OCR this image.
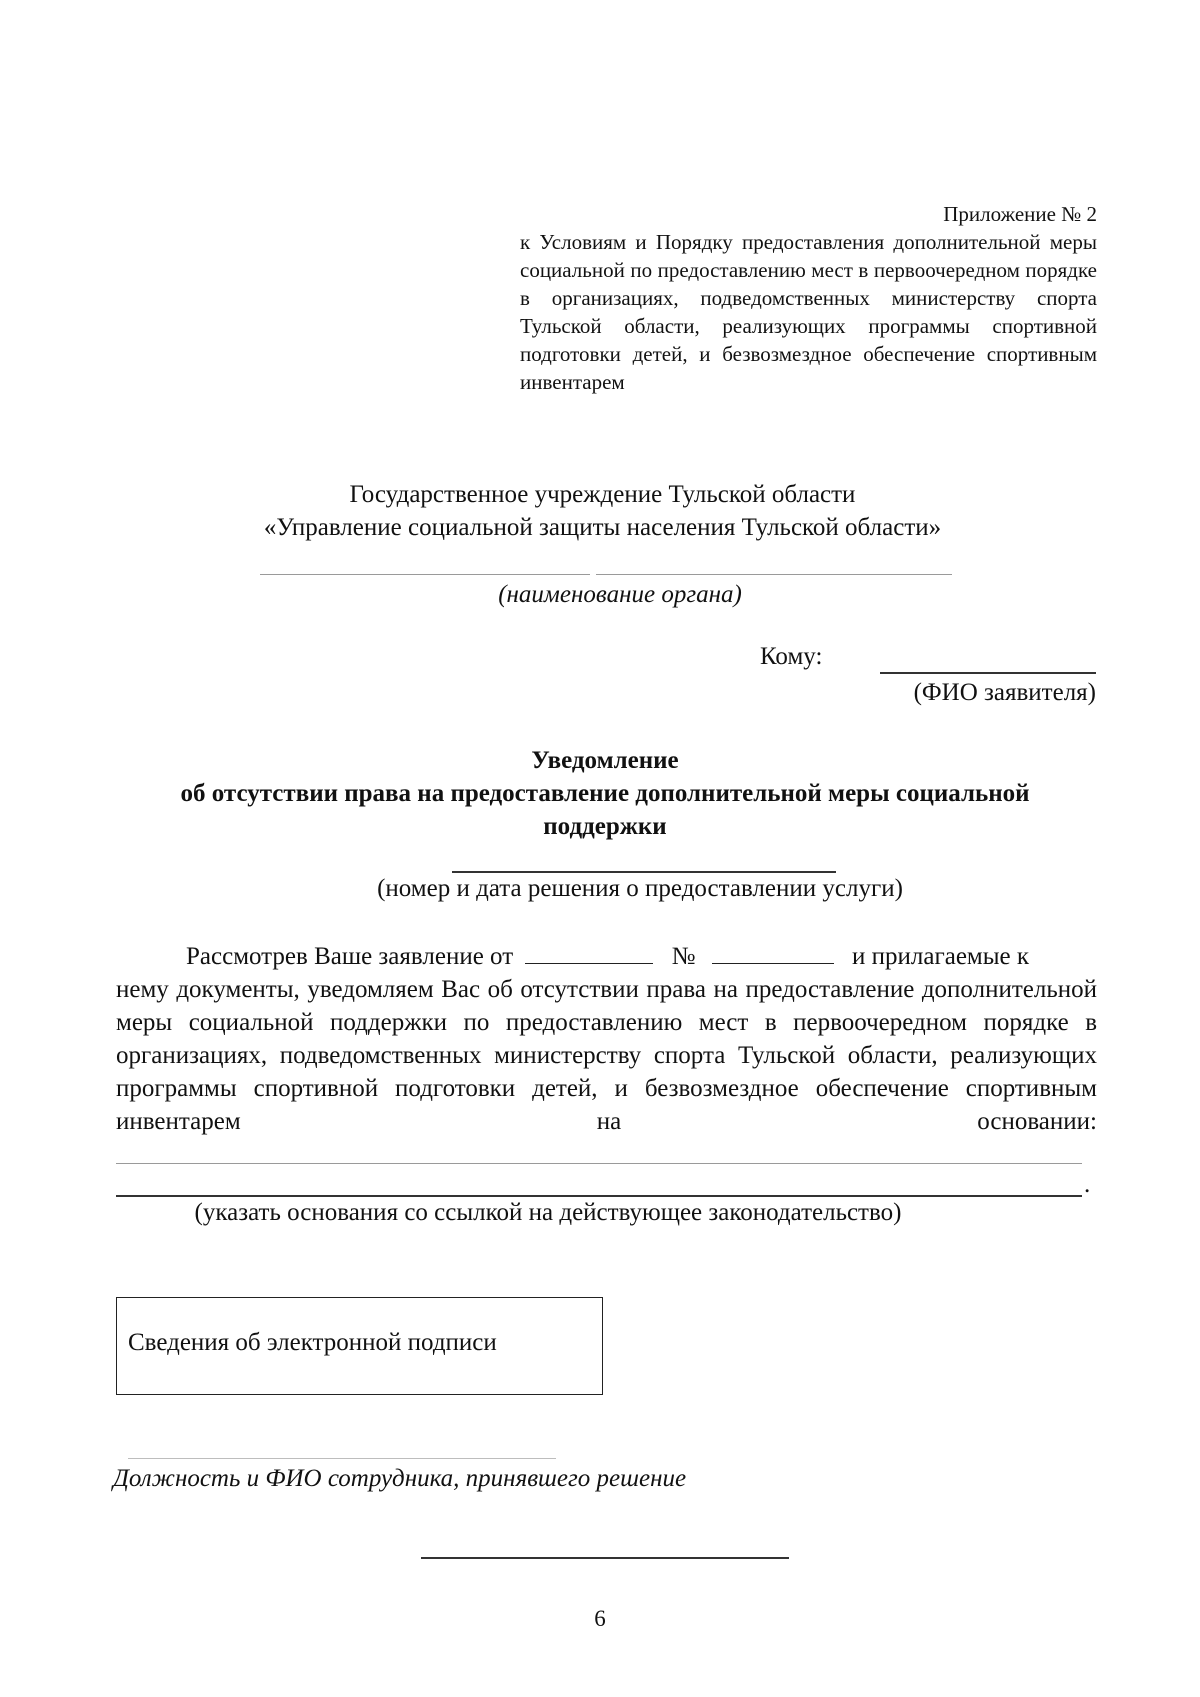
Приложение № 2
к Условиям и Порядку предоставления дополнительной меры социальной по предоставлению мест в первоочередном порядке в организациях, подведомственных министерству спорта Тульской области, реализующих программы спортивной подготовки детей, и безвозмездное обеспечение спортивным инвентарем
Государственное учреждение Тульской области
«Управление социальной защиты населения Тульской области»
(наименование органа)
Кому:
(ФИО заявителя)
Уведомление
об отсутствии права на предоставление дополнительной меры социальной
поддержки
(номер и дата решения о предоставлении услуги)
Рассмотрев Ваше заявление от	№	и прилагаемые к
нему документы, уведомляем Вас об отсутствии права на предоставление дополнительной меры социальной поддержки по предоставлению мест в первоочередном порядке в организациях, подведомственных министерству спорта Тульской области, реализующих программы спортивной подготовки детей, и безвозмездное обеспечение спортивным инвентарем на основании:
.
(указать основания со ссылкой на действующее законодательство)
Сведения об электронной подписи
Должность и ФИО сотрудника, принявшего решение
6
